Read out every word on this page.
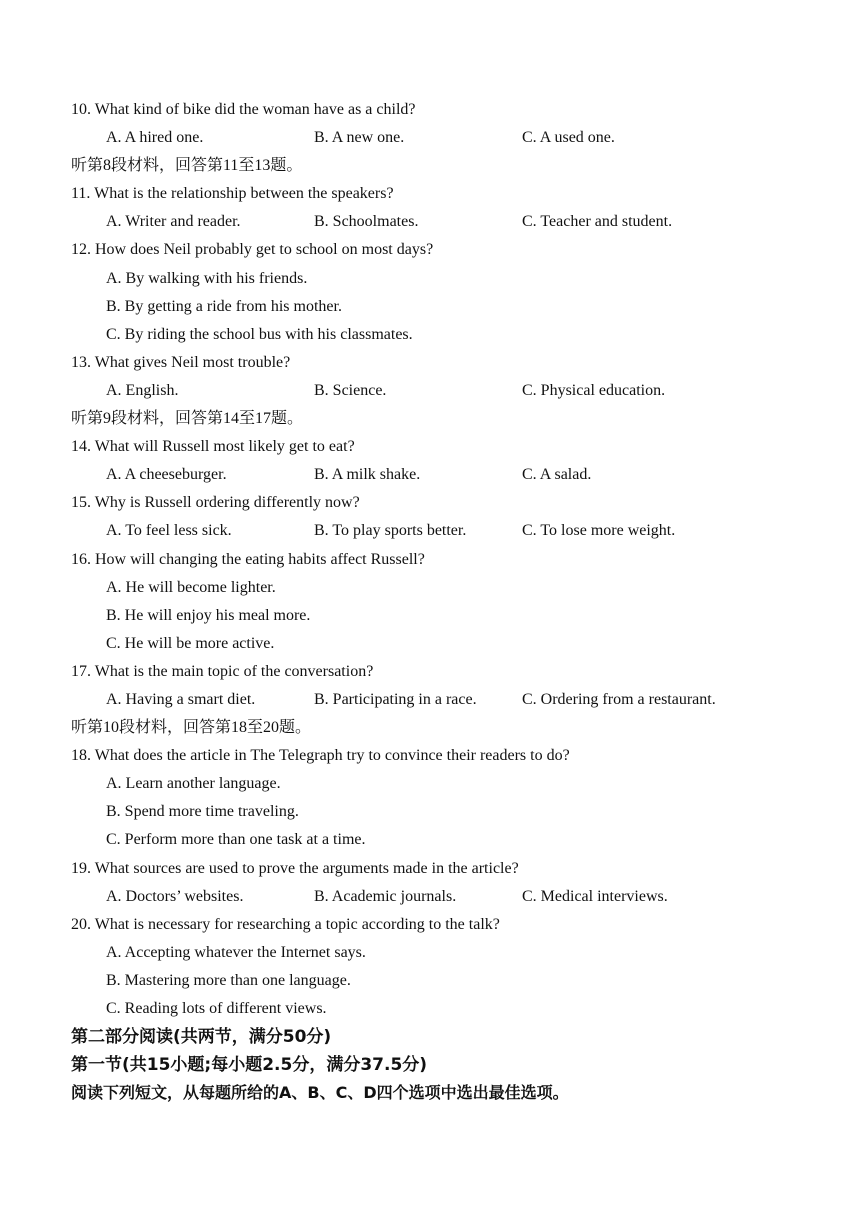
10. What kind of bike did the woman have as a child?
A. A hired one.	B. A new one.	C. A used one.
听第8段材料，回答第11至13题。
11. What is the relationship between the speakers?
A. Writer and reader.	B. Schoolmates.	C. Teacher and student.
12. How does Neil probably get to school on most days?
A. By walking with his friends.
B. By getting a ride from his mother.
C. By riding the school bus with his classmates.
13. What gives Neil most trouble?
A. English.	B. Science.	C. Physical education.
听第9段材料，回答第14至17题。
14. What will Russell most likely get to eat?
A. A cheeseburger.	B. A milk shake.	C. A salad.
15. Why is Russell ordering differently now?
A. To feel less sick.	B. To play sports better.	C. To lose more weight.
16. How will changing the eating habits affect Russell?
A. He will become lighter.
B. He will enjoy his meal more.
C. He will be more active.
17. What is the main topic of the conversation?
A. Having a smart diet.	B. Participating in a race.	C. Ordering from a restaurant.
听第10段材料，回答第18至20题。
18. What does the article in The Telegraph try to convince their readers to do?
A. Learn another language.
B. Spend more time traveling.
C. Perform more than one task at a time.
19. What sources are used to prove the arguments made in the article?
A. Doctors’ websites.	B. Academic journals.	C. Medical interviews.
20. What is necessary for researching a topic according to the talk?
A. Accepting whatever the Internet says.
B. Mastering more than one language.
C. Reading lots of different views.
第二部分阅读(共两节，满分50分)
第一节(共15小题;每小题2.5分，满分37.5分)
阅读下列短文，从每题所给的A、B、C、D四个选项中选出最佳选项。
